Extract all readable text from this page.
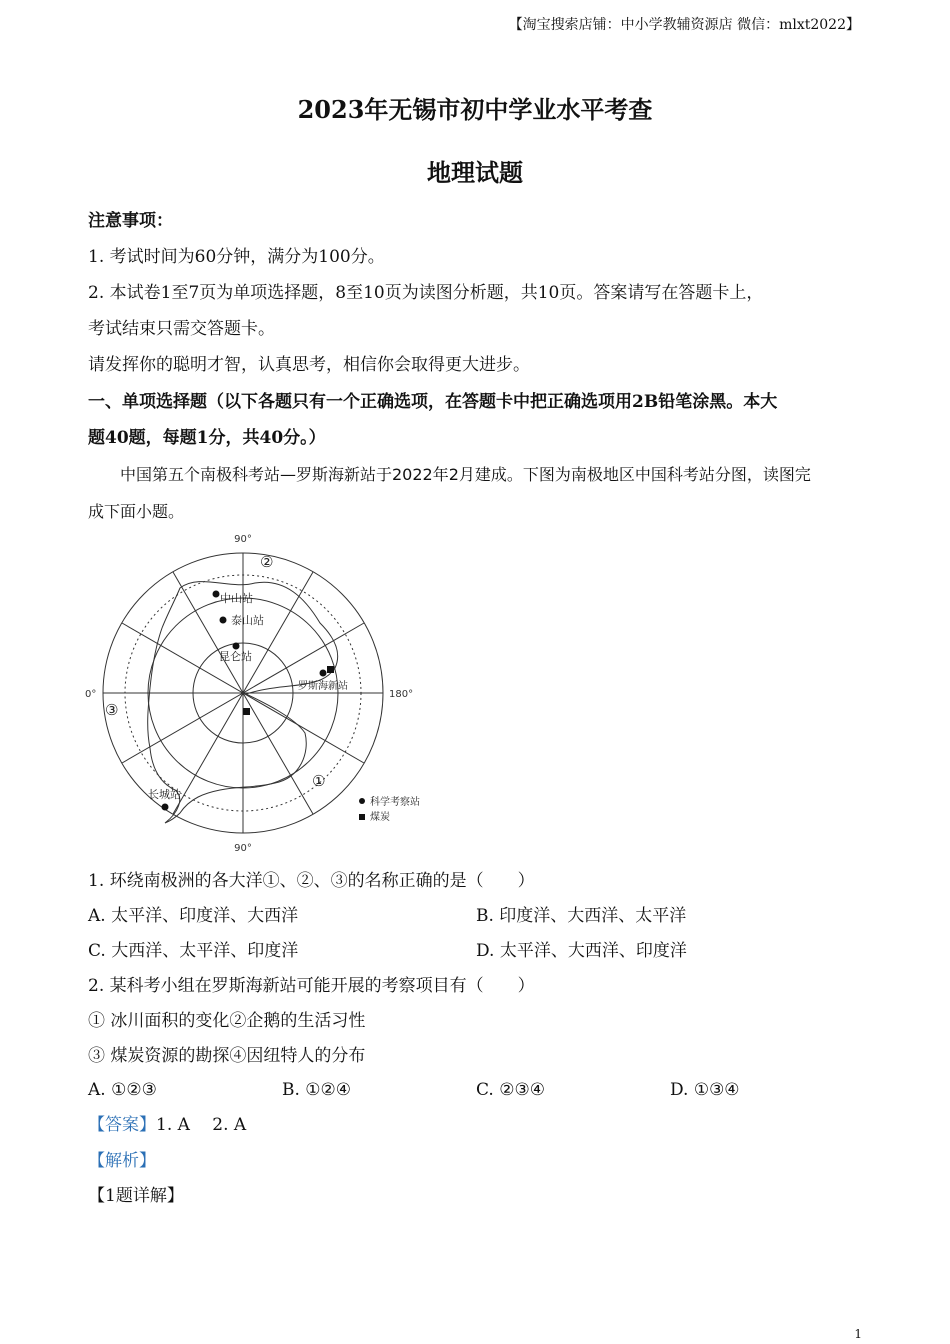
【淘宝搜索店铺：中小学教辅资源店 微信：mlxt2022】
2023年无锡市初中学业水平考查
地理试题
注意事项：
1. 考试时间为60分钟，满分为100分。
2. 本试卷1至7页为单项选择题，8至10页为读图分析题，共10页。答案请写在答题卡上，
考试结束只需交答题卡。
请发挥你的聪明才智，认真思考，相信你会取得更大进步。
一、单项选择题（以下各题只有一个正确选项，在答题卡中把正确选项用2B铅笔涂黑。本大
题40题，每题1分，共40分。）
中国第五个南极科考站—罗斯海新站于2022年2月建成。下图为南极地区中国科考站分图，读图完
成下面小题。
90°
90°
0°	180°
②
③
①
中山站
泰山站
昆仑站
罗斯海新站
长城站
科学考察站
煤炭
1. 环绕南极洲的各大洋①、②、③的名称正确的是（　　）
A. 太平洋、印度洋、大西洋	B. 印度洋、大西洋、太平洋
C. 大西洋、太平洋、印度洋	D. 太平洋、大西洋、印度洋
2. 某科考小组在罗斯海新站可能开展的考察项目有（　　）
① 冰川面积的变化②企鹅的生活习性
③ 煤炭资源的勘探④因纽特人的分布
A. ①②③	B. ①②④	C. ②③④	D. ①③④
【答案】1. A　 2. A
【解析】
【1题详解】
1
